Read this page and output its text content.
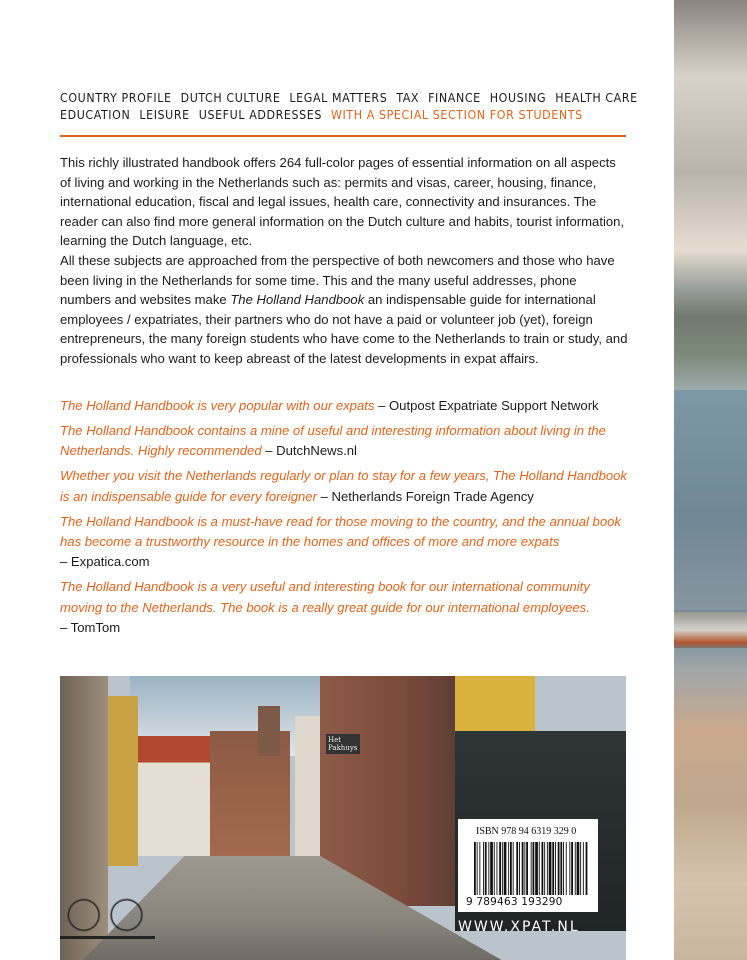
COUNTRY PROFILE DUTCH CULTURE LEGAL MATTERS TAX FINANCE HOUSING HEALTH CARE
EDUCATION LEISURE USEFUL ADDRESSES WITH A SPECIAL SECTION FOR STUDENTS

This richly illustrated handbook offers 264 full-color pages of essential information on all aspects of living and working in the Netherlands such as: permits and visas, career, housing, finance, international education, fiscal and legal issues, health care, connectivity and insurances. The reader can also find more general information on the Dutch culture and habits, tourist information, learning the Dutch language, etc.

All these subjects are approached from the perspective of both newcomers and those who have been living in the Netherlands for some time. This and the many useful addresses, phone numbers and websites make The Holland Handbook an indispensable guide for international employees / expatriates, their partners who do not have a paid or volunteer job (yet), foreign entrepreneurs, the many foreign students who have come to the Netherlands to train or study, and professionals who want to keep abreast of the latest developments in expat affairs.

The Holland Handbook is very popular with our expats – Outpost Expatriate Support Network

The Holland Handbook contains a mine of useful and interesting information about living in the Netherlands. Highly recommended – DutchNews.nl

Whether you visit the Netherlands regularly or plan to stay for a few years, The Holland Handbook is an indispensable guide for every foreigner – Netherlands Foreign Trade Agency

The Holland Handbook is a must-have read for those moving to the country, and the annual book has become a trustworthy resource in the homes and offices of more and more expats
– Expatica.com

The Holland Handbook is a very useful and interesting book for our international community moving to the Netherlands. The book is a really great guide for our international employees.
– TomTom

Het Pakhuys
ISBN 978 94 6319 329 0
9 789463 193290
WWW.XPAT.NL
